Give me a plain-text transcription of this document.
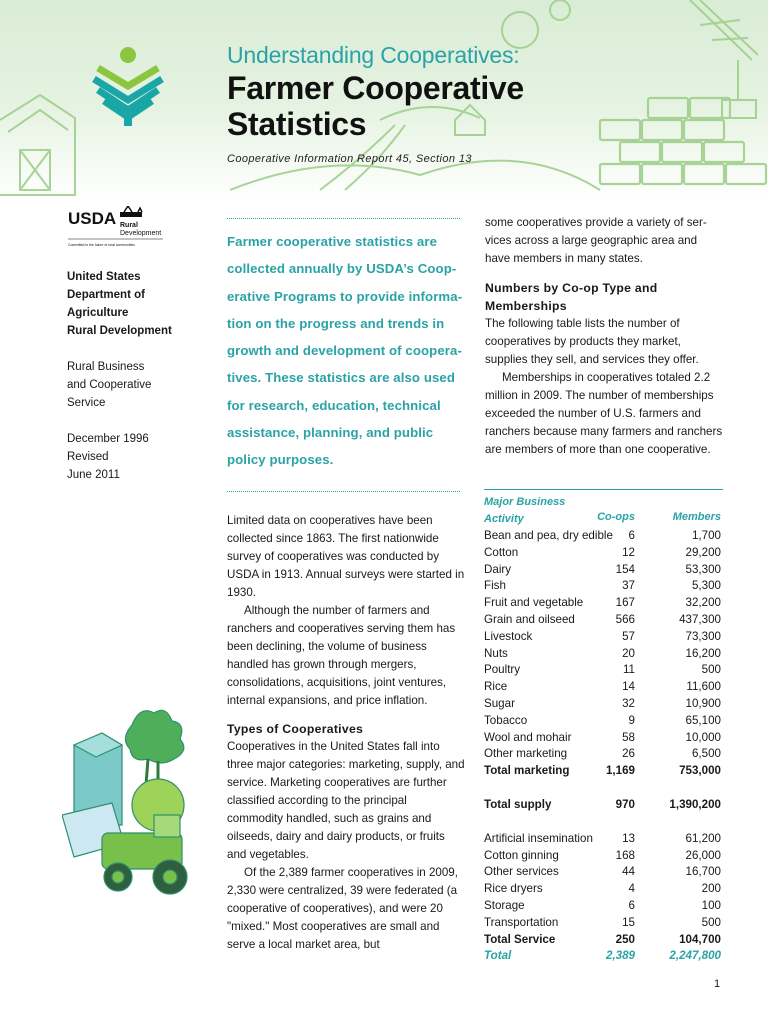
Understanding Cooperatives:
Farmer Cooperative
Statistics
Cooperative Information Report 45, Section 13
USDA Rural
Development
Committed to the future of rural communities

United States
Department of
Agriculture
Rural Development

Rural Business
and Cooperative
Service

December 1996
Revised
June 2011

Farmer cooperative statistics are collected annually by USDA’s Cooperative Programs to provide information on the progress and trends in growth and development of cooperatives. These statistics are also used for research, education, technical assistance, planning, and public policy purposes.

Limited data on cooperatives have been collected since 1863. The first nationwide survey of cooperatives was conducted by USDA in 1913. Annual surveys were started in 1930.

Although the number of farmers and ranchers and cooperatives serving them has been declining, the volume of business handled has grown through mergers, consolidations, acquisitions, joint ventures, internal expansions, and price inflation.

Types of Cooperatives

Cooperatives in the United States fall into three major categories: marketing, supply, and service. Marketing cooperatives are further classified according to the principal commodity handled, such as grains and oilseeds, dairy and dairy products, or fruits and vegetables.

Of the 2,389 farmer cooperatives in 2009, 2,330 were centralized, 39 were federated (a cooperative of cooperatives), and were 20 "mixed." Most cooperatives are small and serve a local market area, but

some cooperatives provide a variety of services across a large geographic area and have members in many states.

Numbers by Co-op Type and Memberships

The following table lists the number of cooperatives by products they market, supplies they sell, and services they offer.

Memberships in cooperatives totaled 2.2 million in 2009. The number of memberships exceeded the number of U.S. farmers and ranchers because many farmers and ranchers are members of more than one cooperative.

Major Business
Activity	Co-ops	Members
Bean and pea, dry edible 6	1,700
Cotton	12	29,200
Dairy	154	53,300
Fish	37	5,300
Fruit and vegetable	167	32,200
Grain and oilseed	566	437,300
Livestock	57	73,300
Nuts	20	16,200
Poultry	11	500
Rice	14	11,600
Sugar	32	10,900
Tobacco	9	65,100
Wool and mohair	58	10,000
Other marketing	26	6,500
Total marketing	1,169	753,000
Total supply	970	1,390,200
Artificial insemination	13	61,200
Cotton ginning	168	26,000
Other services	44	16,700
Rice dryers	4	200
Storage	6	100
Transportation	15	500
Total Service	250	104,700
Total	2,389	2,247,800
1
